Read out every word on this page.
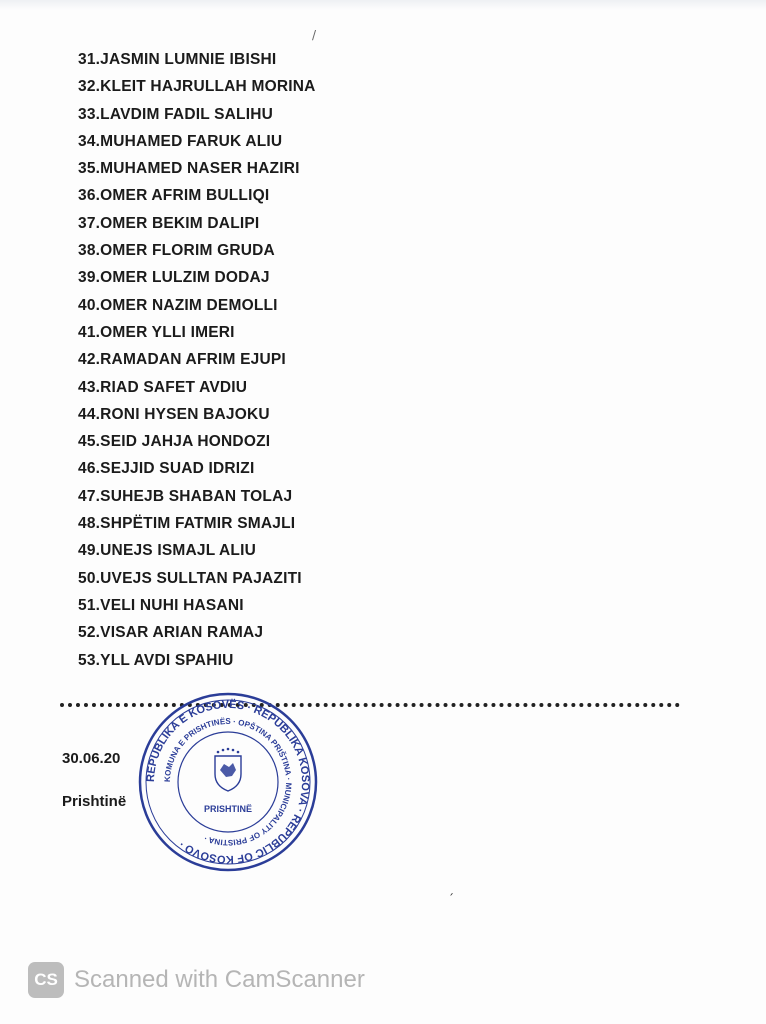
/
31.JASMIN LUMNIE IBISHI
32.KLEIT HAJRULLAH MORINA
33.LAVDIM FADIL SALIHU
34.MUHAMED FARUK ALIU
35.MUHAMED NASER HAZIRI
36.OMER AFRIM BULLIQI
37.OMER BEKIM DALIPI
38.OMER FLORIM GRUDA
39.OMER LULZIM DODAJ
40.OMER NAZIM DEMOLLI
41.OMER YLLI IMERI
42.RAMADAN AFRIM EJUPI
43.RIAD SAFET AVDIU
44.RONI HYSEN BAJOKU
45.SEID JAHJA HONDOZI
46.SEJJID SUAD IDRIZI
47.SUHEJB SHABAN TOLAJ
48.SHPËTIM FATMIR SMAJLI
49.UNEJS ISMAJL ALIU
50.UVEJS SULLTAN PAJAZITI
51.VELI NUHI HASANI
52.VISAR ARIAN RAMAJ
53.YLL AVDI SPAHIU
30.06.20
Prishtinë
REPUBLIKA E KOSOVËS · REPUBLIKA KOSOVA · REPUBLIC OF KOSOVO ·
KOMUNA E PRISHTINËS · OPŠTINA PRIŠTINA · MUNICIPALITY OF PRISTINA ·
PRISHTINË
´
CS Scanned with CamScanner
